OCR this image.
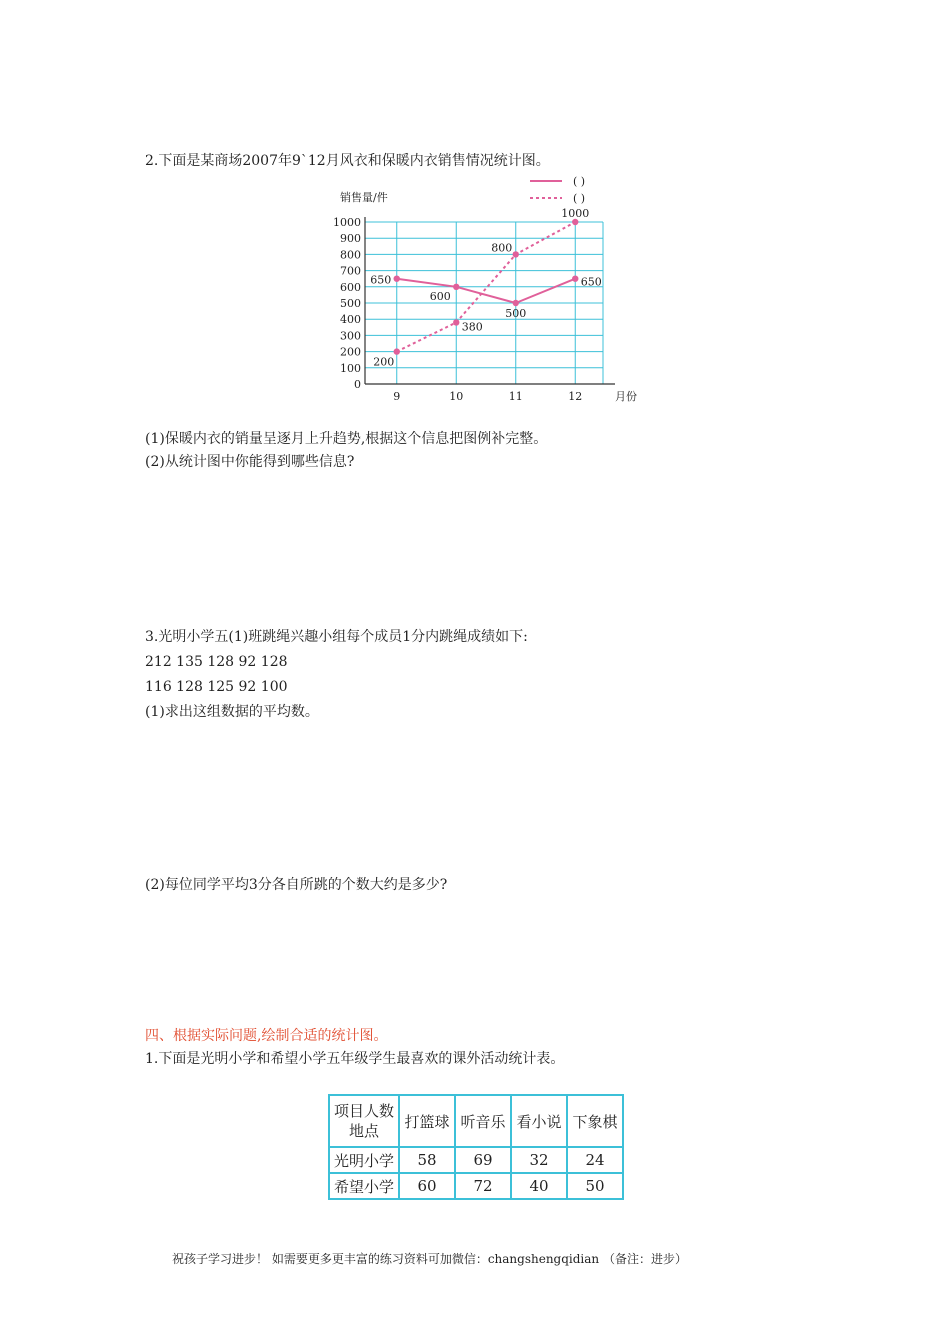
2.下面是某商场2007年9`12月风衣和保暖内衣销售情况统计图。
0
100
200
300
400
500
600
700
800
900
1000
9	10	11	12
销售量/件
月份
650
600
500
650
200
380
800
1000
( )
( )
(1)保暖内衣的销量呈逐月上升趋势,根据这个信息把图例补完整。
(2)从统计图中你能得到哪些信息?
3.光明小学五(1)班跳绳兴趣小组每个成员1分内跳绳成绩如下:
212 135 128 92 128
116 128 125 92 100
(1)求出这组数据的平均数。
(2)每位同学平均3分各自所跳的个数大约是多少?
四、根据实际问题,绘制合适的统计图。
1.下面是光明小学和希望小学五年级学生最喜欢的课外活动统计表。
项目人数
地点	打篮球	听音乐	看小说	下象棋
光明小学	58	69	32	24
希望小学	60	72	40	50
祝孩子学习进步！ 如需要更多更丰富的练习资料可加微信：changshengqidian （备注：进步）
